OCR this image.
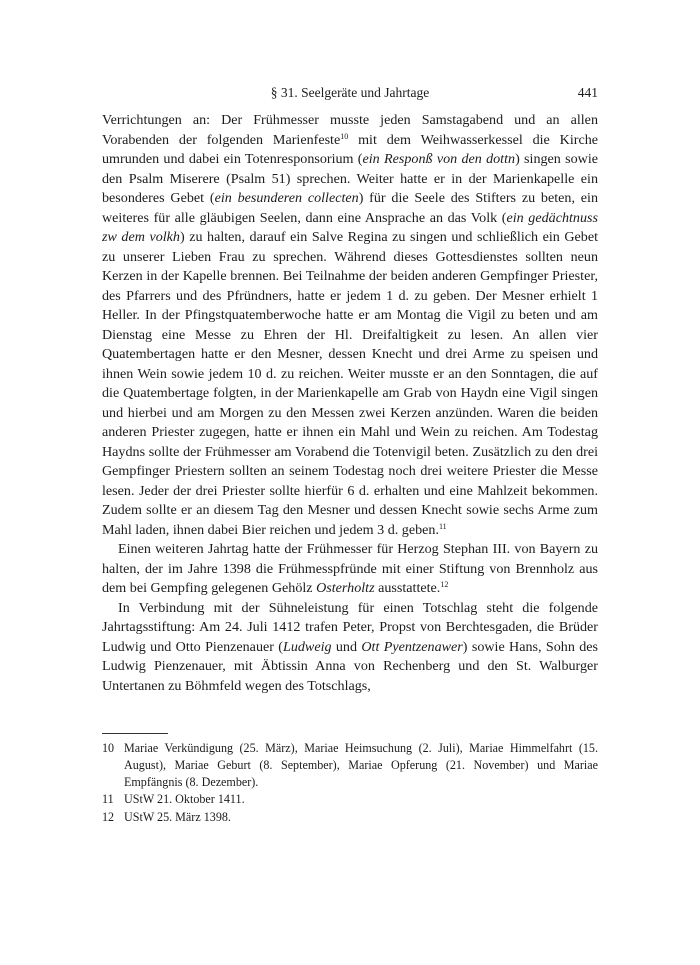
§ 31. Seelgeräte und Jahrtage	441

Verrichtungen an: Der Frühmesser musste jeden Samstagabend und an allen Vorabenden der folgenden Marienfeste$^{10}$ mit dem Weihwasserkessel die Kirche umrunden und dabei ein Totenresponsorium (ein Responß von den dottn) singen sowie den Psalm Miserere (Psalm 51) sprechen. Weiter hatte er in der Marienkapelle ein besonderes Gebet (ein besunderen collecten) für die Seele des Stifters zu beten, ein weiteres für alle gläubigen Seelen, dann eine Ansprache an das Volk (ein gedächtnuss zw dem volkh) zu halten, darauf ein Salve Regina zu singen und schließlich ein Gebet zu unserer Lieben Frau zu sprechen. Während dieses Gottesdienstes sollten neun Kerzen in der Kapelle brennen. Bei Teilnahme der beiden anderen Gempfinger Priester, des Pfarrers und des Pfründners, hatte er jedem 1 d. zu geben. Der Mesner erhielt 1 Heller. In der Pfingstquatemberwoche hatte er am Montag die Vigil zu beten und am Dienstag eine Messe zu Ehren der Hl. Dreifaltigkeit zu lesen. An allen vier Quatembertagen hatte er den Mesner, dessen Knecht und drei Arme zu speisen und ihnen Wein sowie jedem 10 d. zu reichen. Weiter musste er an den Sonntagen, die auf die Quatembertage folgten, in der Marienkapelle am Grab von Haydn eine Vigil singen und hierbei und am Morgen zu den Messen zwei Kerzen anzünden. Waren die beiden anderen Priester zugegen, hatte er ihnen ein Mahl und Wein zu reichen. Am Todestag Haydns sollte der Frühmesser am Vorabend die Totenvigil beten. Zusätzlich zu den drei Gempfinger Priestern sollten an seinem Todestag noch drei weitere Priester die Messe lesen. Jeder der drei Priester sollte hierfür 6 d. erhalten und eine Mahlzeit bekommen. Zudem sollte er an diesem Tag den Mesner und dessen Knecht sowie sechs Arme zum Mahl laden, ihnen dabei Bier reichen und jedem 3 d. geben.$^{11}$

Einen weiteren Jahrtag hatte der Frühmesser für Herzog Stephan III. von Bayern zu halten, der im Jahre 1398 die Frühmesspfründe mit einer Stiftung von Brennholz aus dem bei Gempfing gelegenen Gehölz Osterholtz ausstattete.$^{12}$

In Verbindung mit der Sühneleistung für einen Totschlag steht die folgende Jahrtagsstiftung: Am 24. Juli 1412 trafen Peter, Propst von Berchtesgaden, die Brüder Ludwig und Otto Pienzenauer (Ludweig und Ott Pyentzenawer) sowie Hans, Sohn des Ludwig Pienzenauer, mit Äbtissin Anna von Rechenberg und den St. Walburger Untertanen zu Böhmfeld wegen des Totschlags,

10 Mariae Verkündigung (25. März), Mariae Heimsuchung (2. Juli), Mariae Himmelfahrt (15. August), Mariae Geburt (8. September), Mariae Opferung (21. November) und Mariae Empfängnis (8. Dezember).
11 UStW 21. Oktober 1411.
12 UStW 25. März 1398.
